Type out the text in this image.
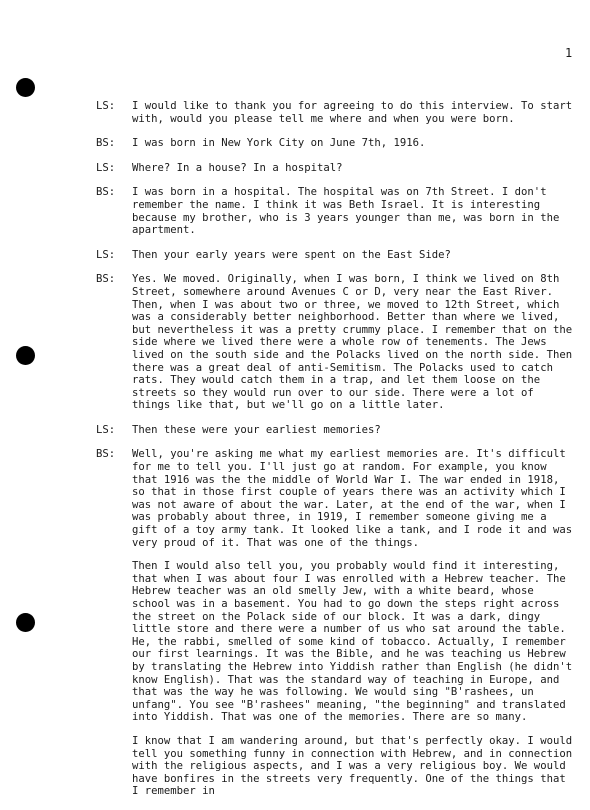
1
LS:	I would like to thank you for agreeing to do this interview. To start with, would you please tell me where and when you were born.

BS:	I was born in New York City on June 7th, 1916.

LS:	Where? In a house? In a hospital?

BS:	I was born in a hospital. The hospital was on 7th Street. I don't remember the name. I think it was Beth Israel. It is interesting because my brother, who is 3 years younger than me, was born in the apartment.

LS:	Then your early years were spent on the East Side?

BS:	Yes. We moved. Originally, when I was born, I think we lived on 8th Street, somewhere around Avenues C or D, very near the East River. Then, when I was about two or three, we moved to 12th Street, which was a considerably better neighborhood. Better than where we lived, but nevertheless it was a pretty crummy place. I remember that on the side where we lived there were a whole row of tenements. The Jews lived on the south side and the Polacks lived on the north side. Then there was a great deal of anti-Semitism. The Polacks used to catch rats. They would catch them in a trap, and let them loose on the streets so they would run over to our side. There were a lot of things like that, but we'll go on a little later.

LS:	Then these were your earliest memories?

BS:	Well, you're asking me what my earliest memories are. It's difficult for me to tell you. I'll just go at random. For example, you know that 1916 was the the middle of World War I. The war ended in 1918, so that in those first couple of years there was an activity which I was not aware of about the war. Later, at the end of the war, when I was probably about three, in 1919, I remember someone giving me a gift of a toy army tank. It looked like a tank, and I rode it and was very proud of it. That was one of the things.

Then I would also tell you, you probably would find it interesting, that when I was about four I was enrolled with a Hebrew teacher. The Hebrew teacher was an old smelly Jew, with a white beard, whose school was in a basement. You had to go down the steps right across the street on the Polack side of our block. It was a dark, dingy little store and there were a number of us who sat around the table. He, the rabbi, smelled of some kind of tobacco. Actually, I remember our first learnings. It was the Bible, and he was teaching us Hebrew by translating the Hebrew into Yiddish rather than English (he didn't know English). That was the standard way of teaching in Europe, and that was the way he was following. We would sing "B'rashees, un unfang". You see "B'rashees" meaning, "the beginning" and translated into Yiddish. That was one of the memories. There are so many.

I know that I am wandering around, but that's perfectly okay. I would tell you something funny in connection with Hebrew, and in connection with the religious aspects, and I was a very religious boy. We would have bonfires in the streets very frequently. One of the things that I remember in
